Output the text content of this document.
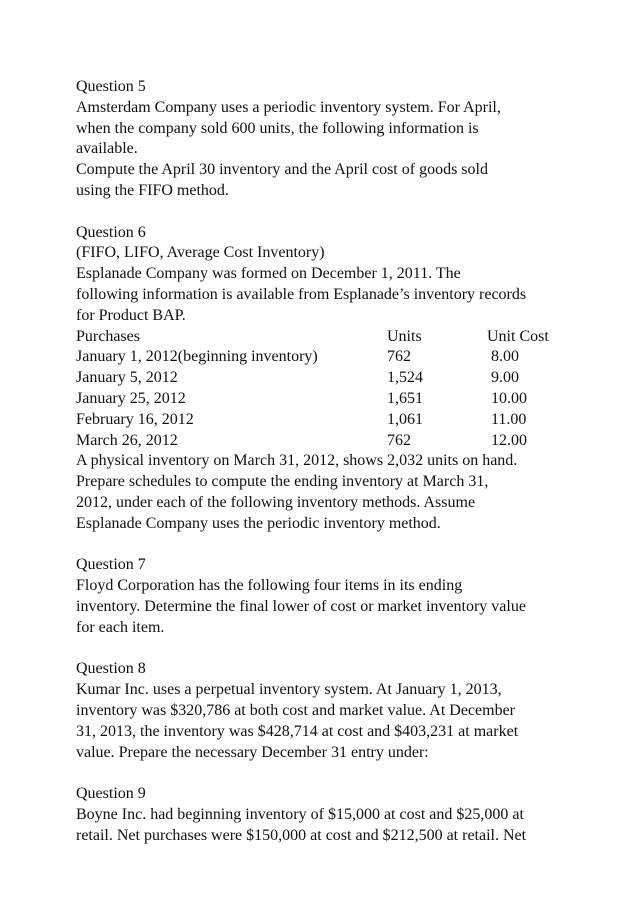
Question 5
Amsterdam Company uses a periodic inventory system. For April,
when the company sold 600 units, the following information is
available.
Compute the April 30 inventory and the April cost of goods sold
using the FIFO method.
Question 6
(FIFO, LIFO, Average Cost Inventory)
Esplanade Company was formed on December 1, 2011. The
following information is available from Esplanade’s inventory records
for Product BAP.
Purchases	Units	Unit Cost
January 1, 2012(beginning inventory)	762	8.00
January 5, 2012	1,524	9.00
January 25, 2012	1,651	10.00
February 16, 2012	1,061	11.00
March 26, 2012	762	12.00
A physical inventory on March 31, 2012, shows 2,032 units on hand.
Prepare schedules to compute the ending inventory at March 31,
2012, under each of the following inventory methods. Assume
Esplanade Company uses the periodic inventory method.
Question 7
Floyd Corporation has the following four items in its ending
inventory. Determine the final lower of cost or market inventory value
for each item.
Question 8
Kumar Inc. uses a perpetual inventory system. At January 1, 2013,
inventory was $320,786 at both cost and market value. At December
31, 2013, the inventory was $428,714 at cost and $403,231 at market
value. Prepare the necessary December 31 entry under:
Question 9
Boyne Inc. had beginning inventory of $15,000 at cost and $25,000 at
retail. Net purchases were $150,000 at cost and $212,500 at retail. Net
